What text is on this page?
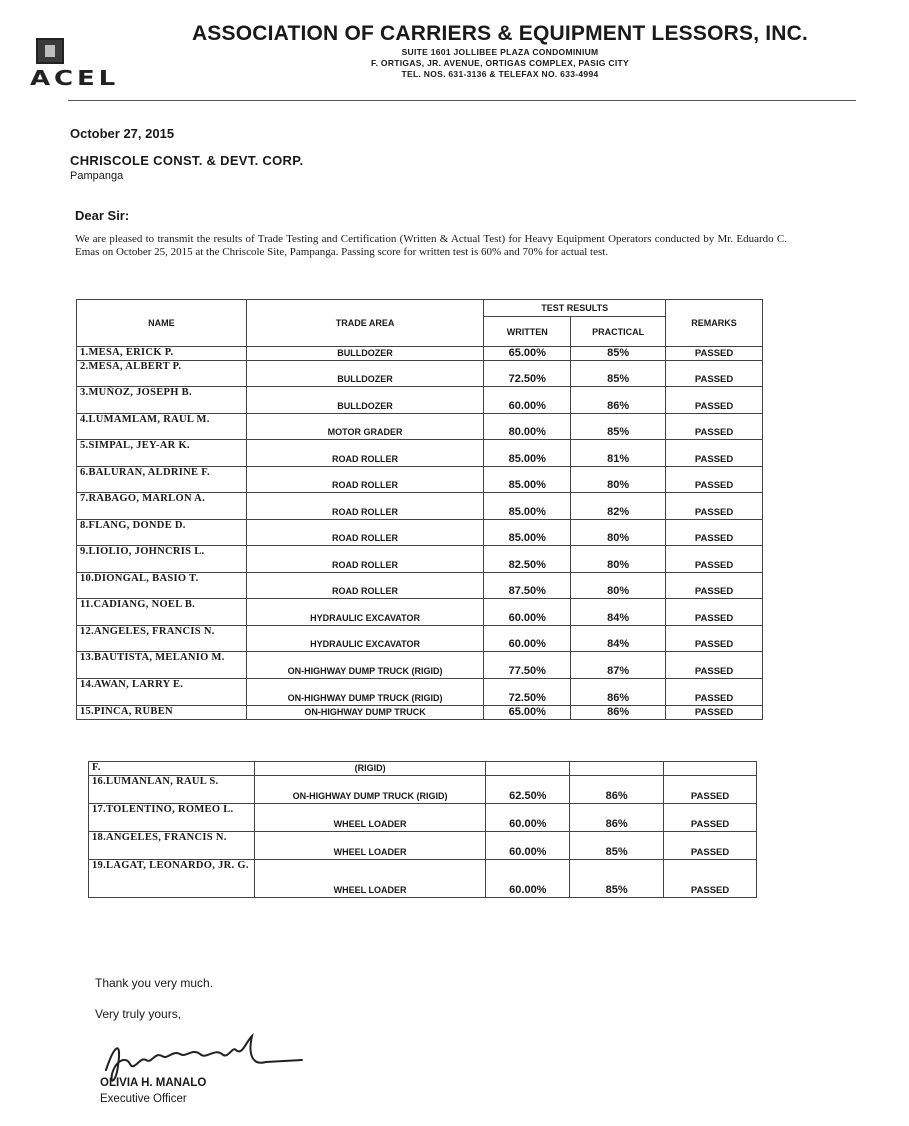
ACEL
ASSOCIATION OF CARRIERS & EQUIPMENT LESSORS, INC.
SUITE 1601 JOLLIBEE PLAZA CONDOMINIUM
F. ORTIGAS, JR. AVENUE, ORTIGAS COMPLEX, PASIG CITY
TEL. NOS. 631-3136 & TELEFAX NO. 633-4994
October 27, 2015
CHRISCOLE CONST. & DEVT. CORP.
Pampanga
Dear Sir:
We are pleased to transmit the results of Trade Testing and Certification (Written & Actual Test) for Heavy Equipment Operators conducted by Mr. Eduardo C. Emas on October 25, 2015 at the Chriscole Site, Pampanga. Passing score for written test is 60% and 70% for actual test.
NAME	TRADE AREA	TEST RESULTS		REMARKS
		WRITTEN	PRACTICAL	
1.MESA, ERICK P.	BULLDOZER	65.00%	85%	PASSED
2.MESA, ALBERT P.	BULLDOZER	72.50%	85%	PASSED
3.MUÑOZ, JOSEPH B.	BULLDOZER	60.00%	86%	PASSED
4.LUMAMLAM, RAUL M.	MOTOR GRADER	80.00%	85%	PASSED
5.SIMPAL, JEY-AR K.	ROAD ROLLER	85.00%	81%	PASSED
6.BALURAN, ALDRINE F.	ROAD ROLLER	85.00%	80%	PASSED
7.RABAGO, MARLON A.	ROAD ROLLER	85.00%	82%	PASSED
8.FLANG, DONDE D.	ROAD ROLLER	85.00%	80%	PASSED
9.LIOLIO, JOHNCRIS L.	ROAD ROLLER	82.50%	80%	PASSED
10.DIONGAL, BASIO T.	ROAD ROLLER	87.50%	80%	PASSED
11.CADIANG, NOEL B.	HYDRAULIC EXCAVATOR	60.00%	84%	PASSED
12.ANGELES, FRANCIS N.	HYDRAULIC EXCAVATOR	60.00%	84%	PASSED
13.BAUTISTA, MELANIO M.	ON-HIGHWAY DUMP TRUCK (RIGID)	77.50%	87%	PASSED
14.AWAN, LARRY E.	ON-HIGHWAY DUMP TRUCK (RIGID)	72.50%	86%	PASSED
15.PINCA, RUBEN	ON-HIGHWAY DUMP TRUCK	65.00%	86%	PASSED
F.	(RIGID)			
16.LUMANLAN, RAUL S.	ON-HIGHWAY DUMP TRUCK (RIGID)	62.50%	86%	PASSED
17.TOLENTINO, ROMEO L.	WHEEL LOADER	60.00%	86%	PASSED
18.ANGELES, FRANCIS N.	WHEEL LOADER	60.00%	85%	PASSED
19.LAGAT, LEONARDO, JR. G.	WHEEL LOADER	60.00%	85%	PASSED
Thank you very much.
Very truly yours,
OLIVIA H. MANALO
Executive Officer
